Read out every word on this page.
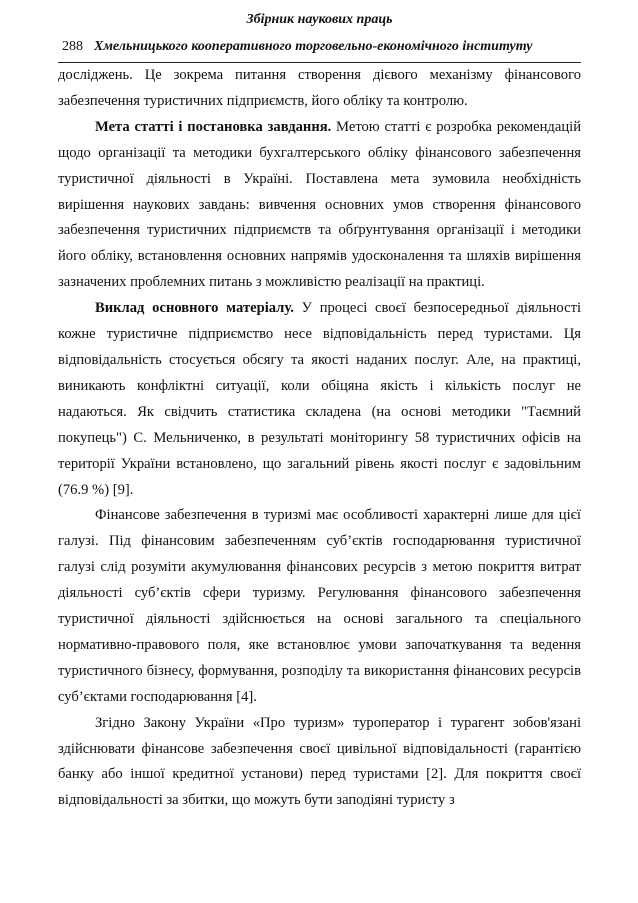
Збірник наукових праць
288 Хмельницького кооперативного торговельно-економічного інституту

досліджень. Це зокрема питання створення дієвого механізму фінансового забезпечення туристичних підприємств, його обліку та контролю.

Мета статті і постановка завдання. Метою статті є розробка рекомендацій щодо організації та методики бухгалтерського обліку фінансового забезпечення туристичної діяльності в Україні. Поставлена мета зумовила необхідність вирішення наукових завдань: вивчення основних умов створення фінансового забезпечення туристичних підприємств та обґрунтування організації і методики його обліку, встановлення основних напрямів удосконалення та шляхів вирішення зазначених проблемних питань з можливістю реалізації на практиці.

Виклад основного матеріалу. У процесі своєї безпосередньої діяльності кожне туристичне підприємство несе відповідальність перед туристами. Ця відповідальність стосується обсягу та якості наданих послуг. Але, на практиці, виникають конфліктні ситуації, коли обіцяна якість і кількість послуг не надаються. Як свідчить статистика складена (на основі методики "Таємний покупець") С. Мельниченко, в результаті моніторингу 58 туристичних офісів на території України встановлено, що загальний рівень якості послуг є задовільним (76.9 %) [9].

Фінансове забезпечення в туризмі має особливості характерні лише для цієї галузі. Під фінансовим забезпеченням суб’єктів господарювання туристичної галузі слід розуміти акумулювання фінансових ресурсів з метою покриття витрат діяльності суб’єктів сфери туризму. Регулювання фінансового забезпечення туристичної діяльності здійснюється на основі загального та спеціального нормативно-правового поля, яке встановлює умови започаткування та ведення туристичного бізнесу, формування, розподілу та використання фінансових ресурсів суб’єктами господарювання [4].

Згідно Закону України «Про туризм» туроператор і турагент зобов'язані здійснювати фінансове забезпечення своєї цивільної відповідальності (гарантією банку або іншої кредитної установи) перед туристами [2]. Для покриття своєї відповідальності за збитки, що можуть бути заподіяні туристу з
